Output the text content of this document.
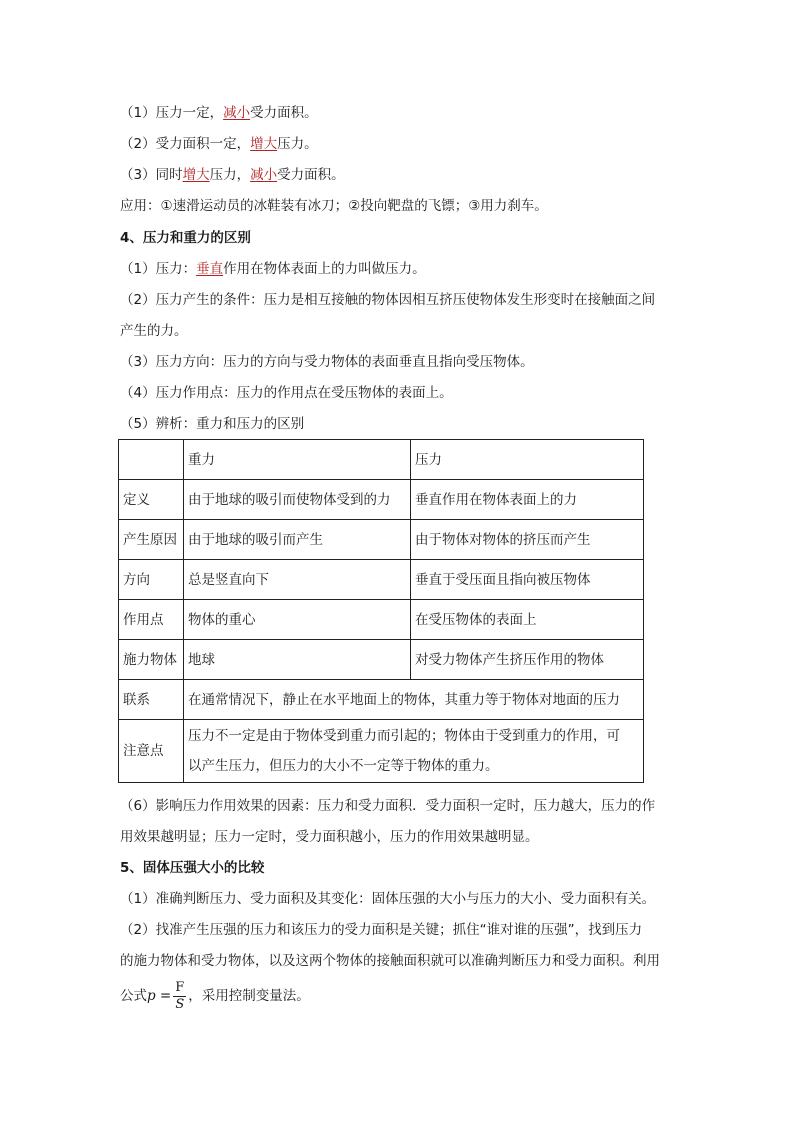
（1）压力一定，减小受力面积。
（2）受力面积一定，增大压力。
（3）同时增大压力，减小受力面积。
应用：①速滑运动员的冰鞋装有冰刀；②投向靶盘的飞镖；③用力刹车。
4、压力和重力的区别
（1）压力：垂直作用在物体表面上的力叫做压力。
（2）压力产生的条件：压力是相互接触的物体因相互挤压使物体发生形变时在接触面之间
产生的力。
（3）压力方向：压力的方向与受力物体的表面垂直且指向受压物体。
（4）压力作用点：压力的作用点在受压物体的表面上。
（5）辨析：重力和压力的区别
	重力	压力
定义	由于地球的吸引而使物体受到的力	垂直作用在物体表面上的力
产生原因	由于地球的吸引而产生	由于物体对物体的挤压而产生
方向	总是竖直向下	垂直于受压面且指向被压物体
作用点	物体的重心	在受压物体的表面上
施力物体	地球	对受力物体产生挤压作用的物体
联系	在通常情况下，静止在水平地面上的物体，其重力等于物体对地面的压力	
注意点	压力不一定是由于物体受到重力而引起的；物体由于受到重力的作用，可
以产生压力，但压力的大小不一定等于物体的重力。	
（6）影响压力作用效果的因素：压力和受力面积．受力面积一定时，压力越大，压力的作
用效果越明显；压力一定时，受力面积越小，压力的作用效果越明显。
5、固体压强大小的比较
（1）准确判断压力、受力面积及其变化：固体压强的大小与压力的大小、受力面积有关。
（2）找准产生压强的压力和该压力的受力面积是关键；抓住“谁对谁的压强”，找到压力
的施力物体和受力物体，以及这两个物体的接触面积就可以准确判断压力和受力面积。利用
公式$p = \frac{F}{S}$ ，采用控制变量法。
